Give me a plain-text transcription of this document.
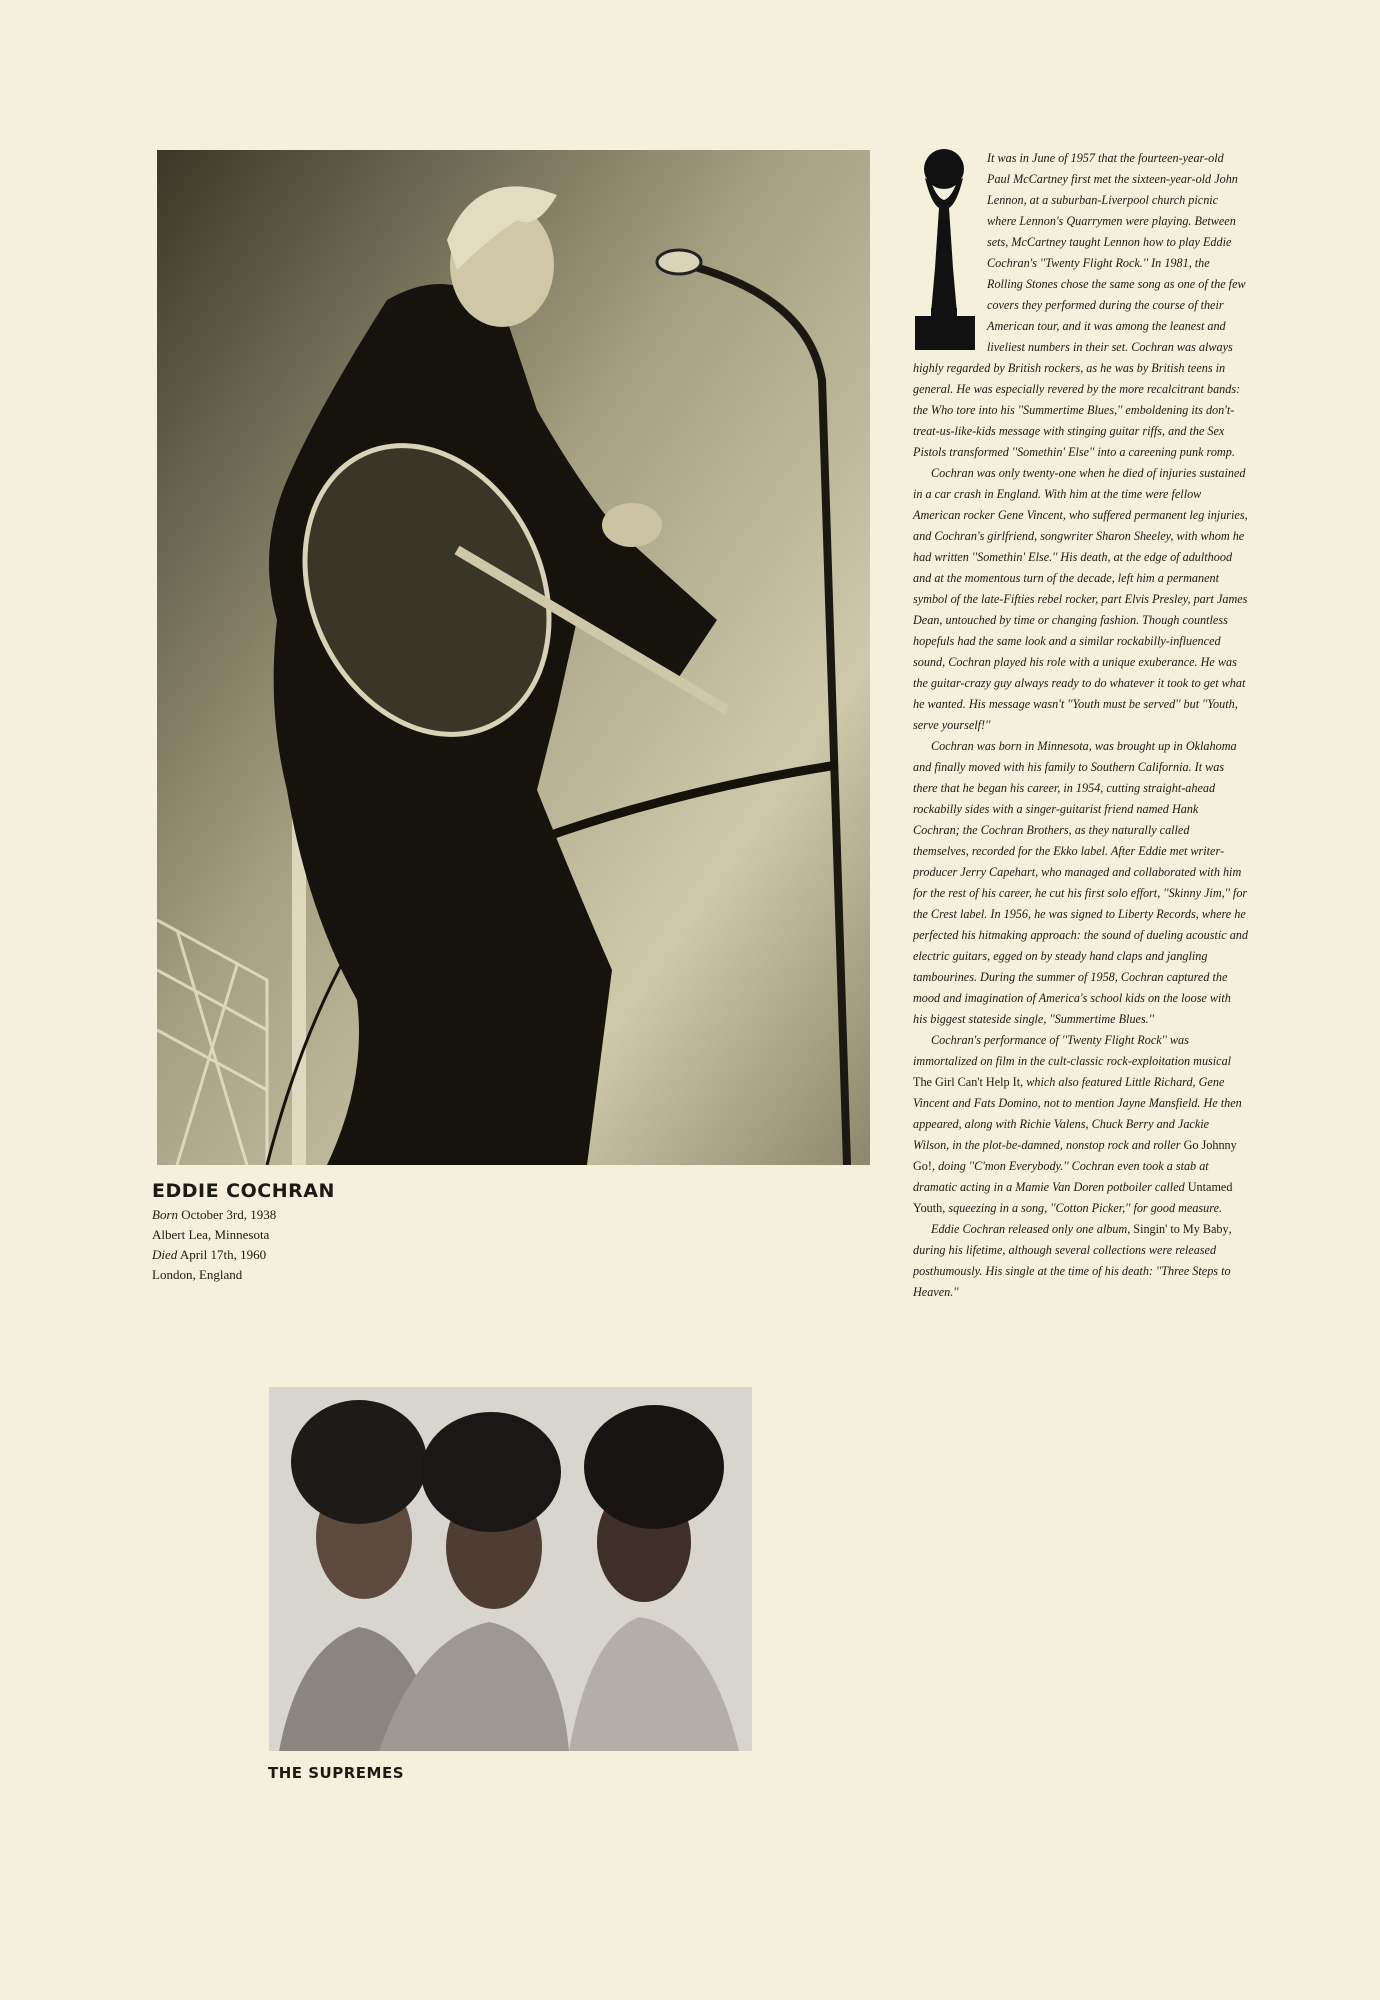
EDDIE COCHRAN
Born October 3rd, 1938
Albert Lea, Minnesota
Died April 17th, 1960
London, England
THE SUPREMES

It was in June of 1957 that the fourteen-year-old Paul McCartney first met the sixteen-year-old John Lennon, at a suburban-Liverpool church picnic where Lennon's Quarrymen were playing. Between sets, McCartney taught Lennon how to play Eddie Cochran's ''Twenty Flight Rock.'' In 1981, the Rolling Stones chose the same song as one of the few covers they performed during the course of their American tour, and it was among the leanest and liveliest numbers in their set. Cochran was always highly regarded by British rockers, as he was by British teens in general. He was especially revered by the more recalcitrant bands: the Who tore into his ''Summertime Blues,'' emboldening its don't-treat-us-like-kids message with stinging guitar riffs, and the Sex Pistols transformed ''Somethin' Else'' into a careening punk romp.

Cochran was only twenty-one when he died of injuries sustained in a car crash in England. With him at the time were fellow American rocker Gene Vincent, who suffered permanent leg injuries, and Cochran's girlfriend, songwriter Sharon Sheeley, with whom he had written ''Somethin' Else.'' His death, at the edge of adulthood and at the momentous turn of the decade, left him a permanent symbol of the late-Fifties rebel rocker, part Elvis Presley, part James Dean, untouched by time or changing fashion. Though countless hopefuls had the same look and a similar rockabilly-influenced sound, Cochran played his role with a unique exuberance. He was the guitar-crazy guy always ready to do whatever it took to get what he wanted. His message wasn't ''Youth must be served'' but ''Youth, serve yourself!''

Cochran was born in Minnesota, was brought up in Oklahoma and finally moved with his family to Southern California. It was there that he began his career, in 1954, cutting straight-ahead rockabilly sides with a singer-guitarist friend named Hank Cochran; the Cochran Brothers, as they naturally called themselves, recorded for the Ekko label. After Eddie met writer-producer Jerry Capehart, who managed and collaborated with him for the rest of his career, he cut his first solo effort, ''Skinny Jim,'' for the Crest label. In 1956, he was signed to Liberty Records, where he perfected his hitmaking approach: the sound of dueling acoustic and electric guitars, egged on by steady hand claps and jangling tambourines. During the summer of 1958, Cochran captured the mood and imagination of America's school kids on the loose with his biggest stateside single, ''Summertime Blues.''

Cochran's performance of ''Twenty Flight Rock'' was immortalized on film in the cult-classic rock-exploitation musical The Girl Can't Help It, which also featured Little Richard, Gene Vincent and Fats Domino, not to mention Jayne Mansfield. He then appeared, along with Richie Valens, Chuck Berry and Jackie Wilson, in the plot-be-damned, nonstop rock and roller Go Johnny Go!, doing ''C'mon Everybody.'' Cochran even took a stab at dramatic acting in a Mamie Van Doren potboiler called Untamed Youth, squeezing in a song, ''Cotton Picker,'' for good measure.

Eddie Cochran released only one album, Singin' to My Baby, during his lifetime, although several collections were released posthumously. His single at the time of his death: ''Three Steps to Heaven.''
